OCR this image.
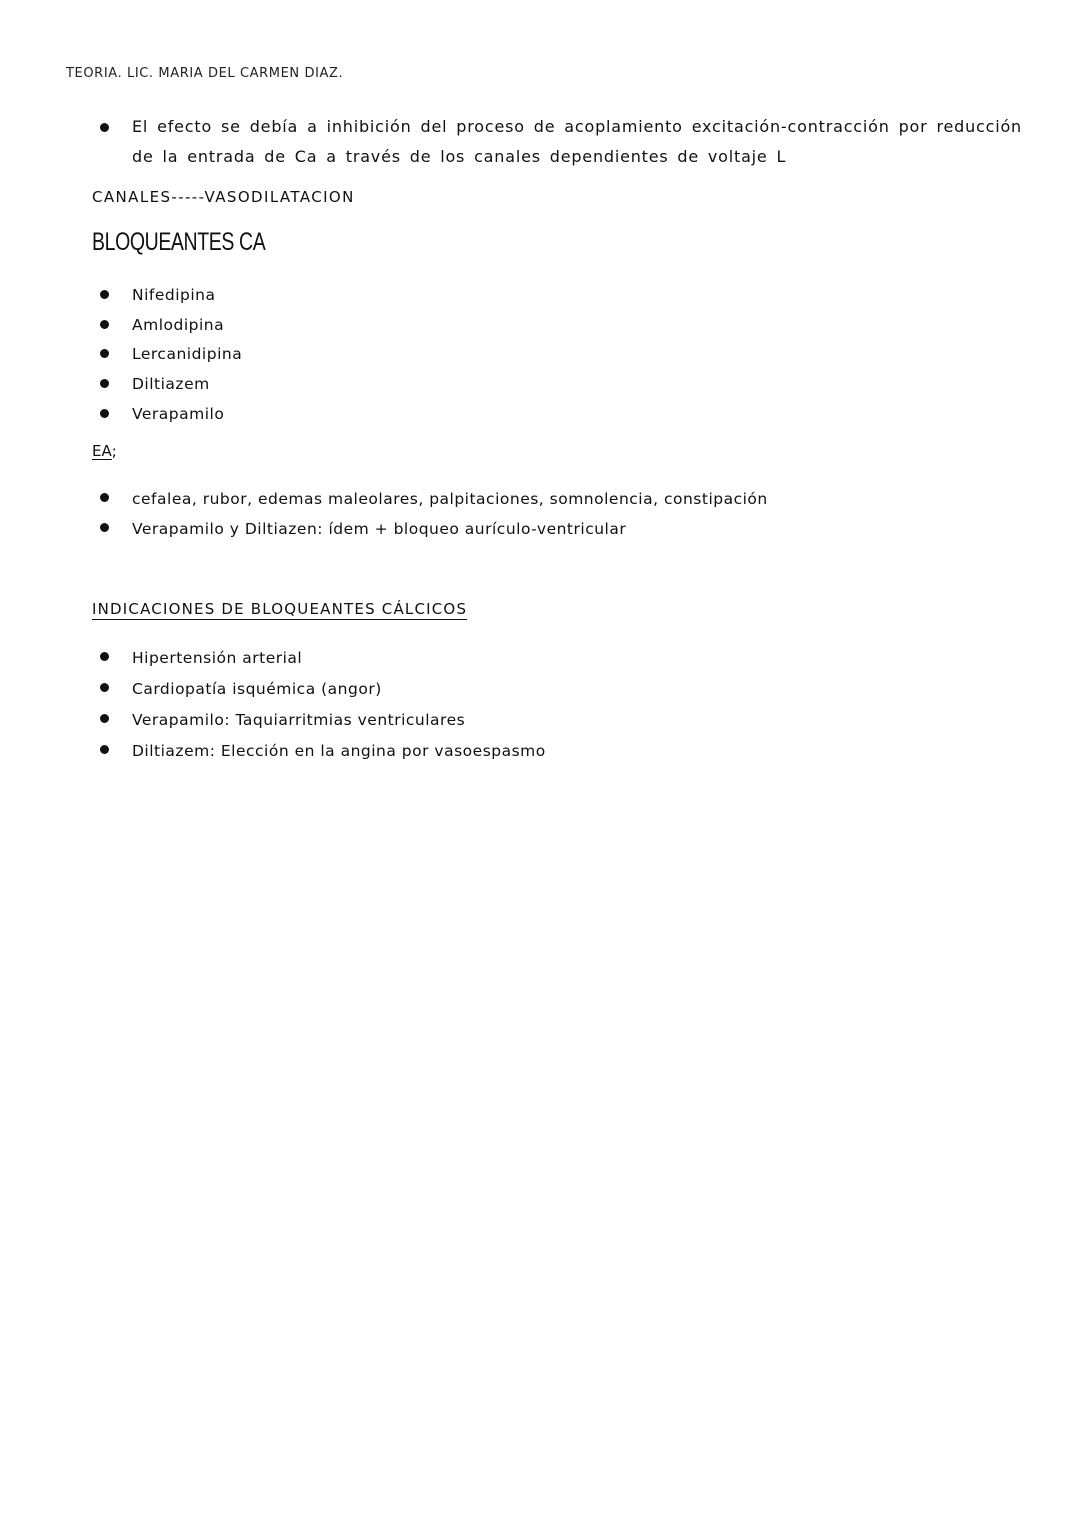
TEORIA. LIC. MARIA DEL CARMEN DIAZ.
El efecto se debía a inhibición del proceso de acoplamiento excitación-contracción por reducción de la entrada de Ca a través de los canales dependientes de voltaje L
CANALES-----VASODILATACION
BLOQUEANTES CA
Nifedipina
Amlodipina
Lercanidipina
Diltiazem
Verapamilo
EA;
cefalea, rubor, edemas maleolares, palpitaciones, somnolencia, constipación
Verapamilo y Diltiazen: ídem + bloqueo aurículo-ventricular
INDICACIONES DE BLOQUEANTES CÁLCICOS
Hipertensión arterial
Cardiopatía isquémica (angor)
Verapamilo: Taquiarritmias ventriculares
Diltiazem: Elección en la angina por vasoespasmo
